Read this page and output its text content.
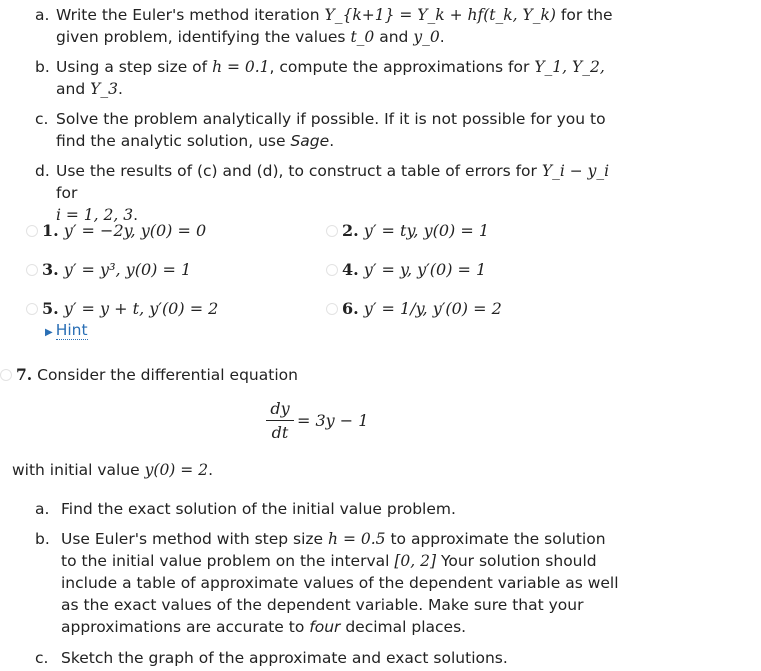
a. Write the Euler's method iteration Y_{k+1} = Y_k + hf(t_k, Y_k) for the given problem, identifying the values t_0 and y_0.
b. Using a step size of h = 0.1, compute the approximations for Y_1, Y_2, and Y_3.
c. Solve the problem analytically if possible. If it is not possible for you to find the analytic solution, use Sage.
d. Use the results of (c) and (d), to construct a table of errors for Y_i − y_i for
i = 1, 2, 3.
1. y′ = −2y, y(0) = 0	2. y′ = ty, y(0) = 1
3. y′ = y³, y(0) = 1	4. y′ = y, y′(0) = 1
5. y′ = y + t, y′(0) = 2	6. y′ = 1/y, y′(0) = 2
▶ Hint
7. Consider the differential equation
dy
dt
= 3y − 1
with initial value y(0) = 2.
a. Find the exact solution of the initial value problem.
b. Use Euler's method with step size h = 0.5 to approximate the solution to the initial value problem on the interval [0, 2] Your solution should include a table of approximate values of the dependent variable as well as the exact values of the dependent variable. Make sure that your approximations are accurate to four decimal places.
c. Sketch the graph of the approximate and exact solutions.
